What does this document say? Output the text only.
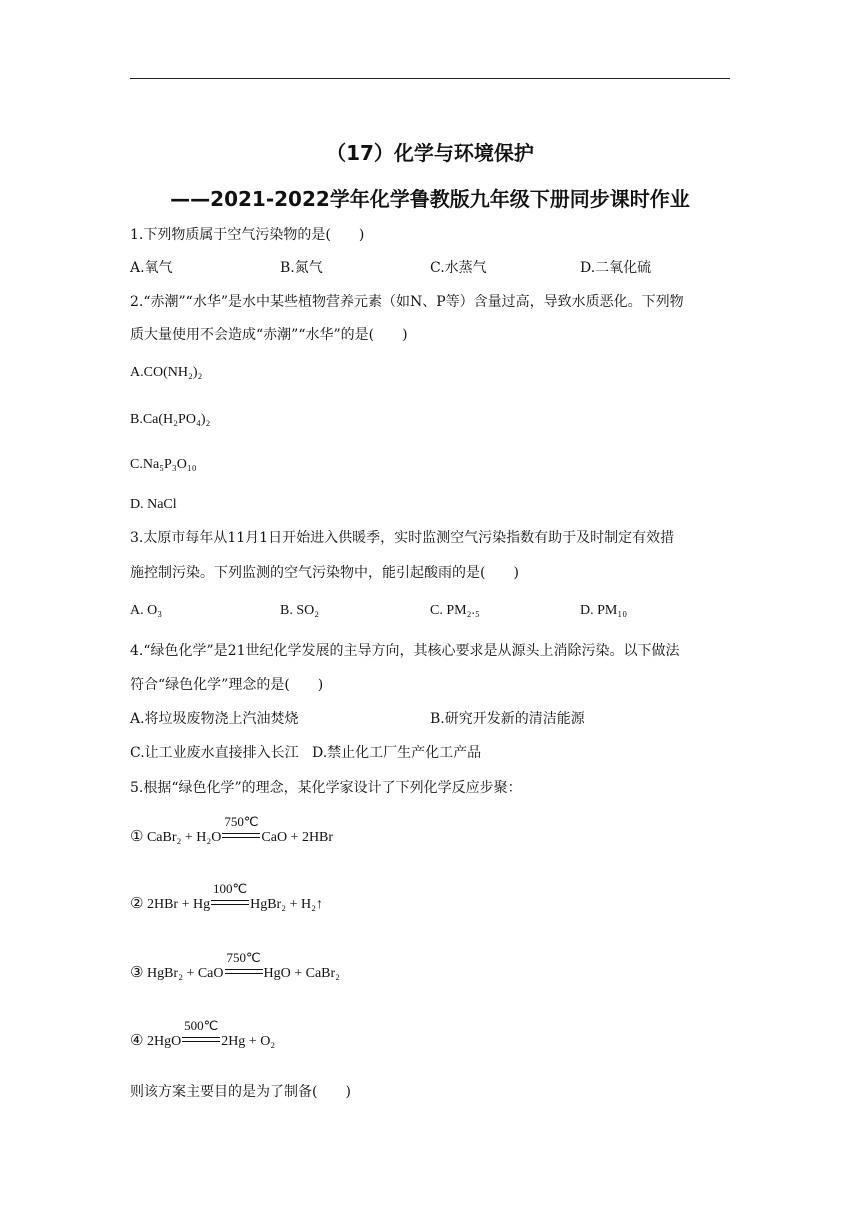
（17）化学与环境保护
——2021-2022学年化学鲁教版九年级下册同步课时作业
1.下列物质属于空气污染物的是(　　)
A.氧气	B.氮气	C.水蒸气	D.二氧化硫
2.“赤潮”“水华”是水中某些植物营养元素（如N、P等）含量过高，导致水质恶化。下列物
质大量使用不会造成“赤潮”“水华”的是(　　)
A.CO(NH₂)₂
B.Ca(H₂PO₄)₂
C.Na₅P₃O₁₀
D. NaCl
3.太原市每年从11月1日开始进入供暖季，实时监测空气污染指数有助于及时制定有效措
施控制污染。下列监测的空气污染物中，能引起酸雨的是(　　)
A. O₃	B. SO₂	C. PM₂.₅	D. PM₁₀
4.“绿色化学”是21世纪化学发展的主导方向，其核心要求是从源头上消除污染。以下做法
符合“绿色化学”理念的是(　　)
A.将垃圾废物浇上汽油焚烧	B.研究开发新的清洁能源
C.让工业废水直接排入长江 D.禁止化工厂生产化工产品
5.根据“绿色化学”的理念，某化学家设计了下列化学反应步聚：
① CaBr₂ + H₂O
750℃
CaO + 2HBr
② 2HBr + Hg
100℃
HgBr₂ + H₂↑
③ HgBr₂ + CaO
750℃
HgO + CaBr₂
④ 2HgO
500℃
2Hg + O₂
则该方案主要目的是为了制备(　　)
